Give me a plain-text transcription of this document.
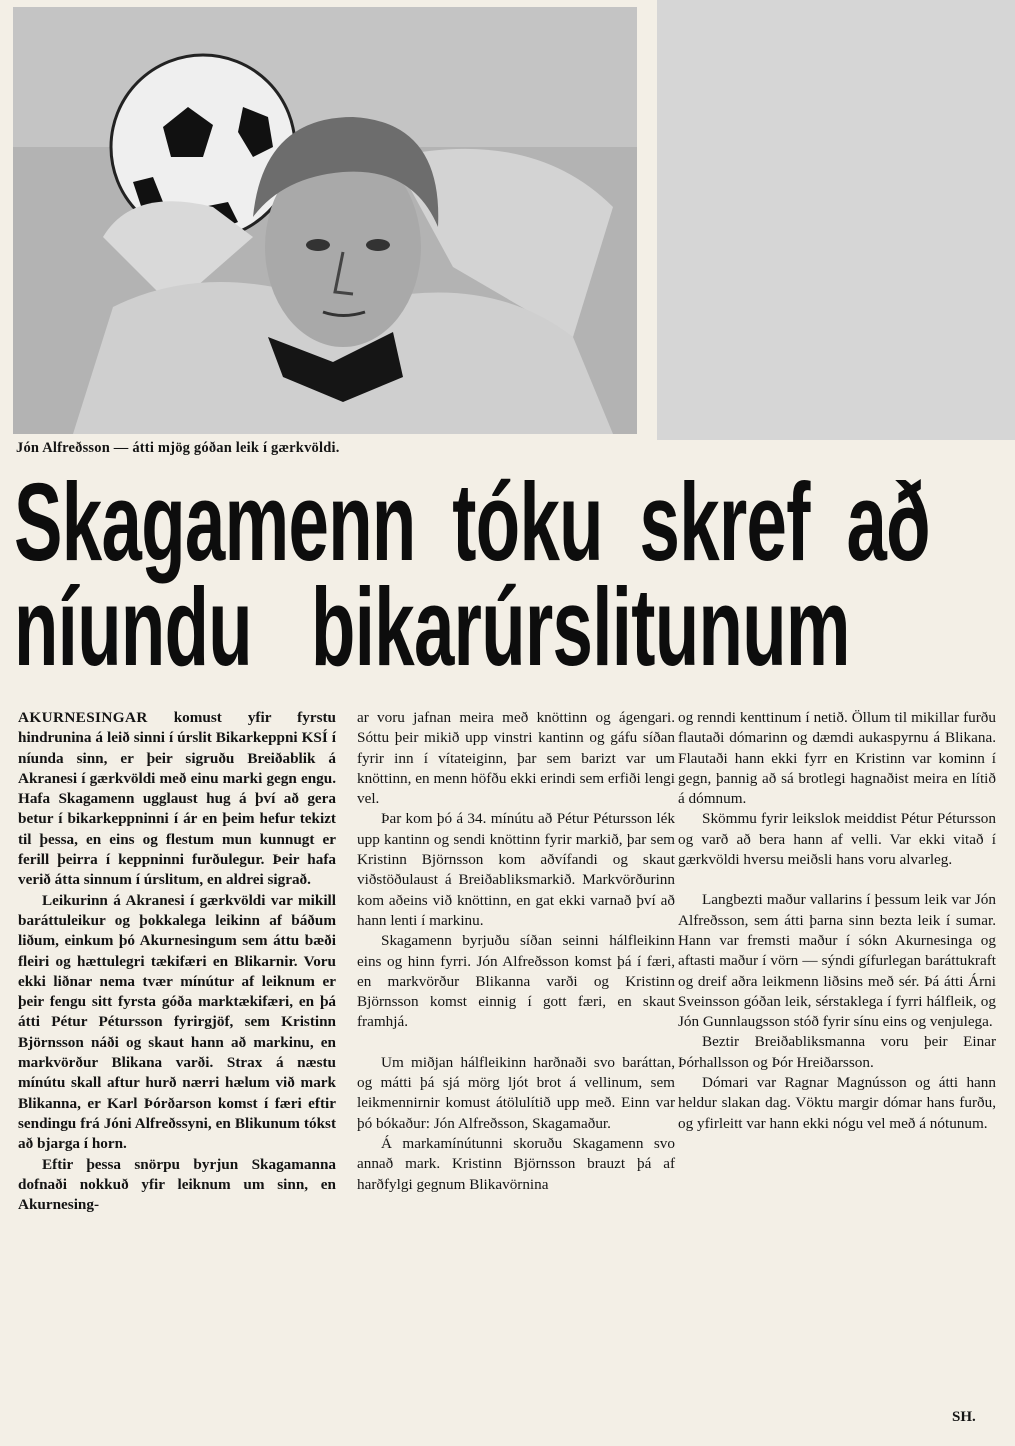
Jón Alfreðsson — átti mjög góðan leik í gærkvöldi.
Skagamenn tóku skref að
níundu bikarúrslitunum

AKURNESINGAR komust yfir fyrstu hindrunina á leið sinni í úrslit Bikarkeppni KSÍ í níunda sinn, er þeir sigruðu Breiðablik á Akranesi í gærkvöldi með einu marki gegn engu. Hafa Skagamenn ugglaust hug á því að gera betur í bikarkeppninni í ár en þeim hefur tekizt til þessa, en eins og flestum mun kunnugt er ferill þeirra í keppninni furðulegur. Þeir hafa verið átta sinnum í úrslitum, en aldrei sigrað.

Leikurinn á Akranesi í gærkvöldi var mikill baráttuleikur og þokkalega leikinn af báðum liðum, einkum þó Akurnesingum sem áttu bæði fleiri og hættulegri tækifæri en Blikarnir. Voru ekki liðnar nema tvær mínútur af leiknum er þeir fengu sitt fyrsta góða marktækifæri, en þá átti Pétur Pétursson fyrirgjöf, sem Kristinn Björnsson náði og skaut hann að markinu, en markvörður Blikana varði. Strax á næstu mínútu skall aftur hurð nærri hælum við mark Blikanna, er Karl Þórðarson komst í færi eftir sendingu frá Jóni Alfreðssyni, en Blikunum tókst að bjarga í horn.

Eftir þessa snörpu byrjun Skagamanna dofnaði nokkuð yfir leiknum um sinn, en Akurnesing-

ar voru jafnan meira með knöttinn og ágengari. Sóttu þeir mikið upp vinstri kantinn og gáfu síðan fyrir inn í vítateiginn, þar sem barizt var um knöttinn, en menn höfðu ekki erindi sem erfiði lengi vel.

Þar kom þó á 34. mínútu að Pétur Pétursson lék upp kantinn og sendi knöttinn fyrir markið, þar sem Kristinn Björnsson kom aðvífandi og skaut viðstöðulaust á Breiðabliksmarkið. Markvörðurinn kom aðeins við knöttinn, en gat ekki varnað því að hann lenti í markinu.

Skagamenn byrjuðu síðan seinni hálfleikinn eins og hinn fyrri. Jón Alfreðsson komst þá í færi, en markvörður Blikanna varði og Kristinn Björnsson komst einnig í gott færi, en skaut framhjá.

Um miðjan hálfleikinn harðnaði svo baráttan, og mátti þá sjá mörg ljót brot á vellinum, sem leikmennirnir komust átölulítið upp með. Einn var þó bókaður: Jón Alfreðsson, Skagamaður.

Á markamínútunni skoruðu Skagamenn svo annað mark. Kristinn Björnsson brauzt þá af harðfylgi gegnum Blikavörnina

og renndi kenttinum í netið. Öllum til mikillar furðu flautaði dómarinn og dæmdi aukaspyrnu á Blikana. Flautaði hann ekki fyrr en Kristinn var kominn í gegn, þannig að sá brotlegi hagnaðist meira en lítið á dómnum.

Skömmu fyrir leikslok meiddist Pétur Pétursson og varð að bera hann af velli. Var ekki vitað í gærkvöldi hversu meiðsli hans voru alvarleg.

Langbezti maður vallarins í þessum leik var Jón Alfreðsson, sem átti þarna sinn bezta leik í sumar. Hann var fremsti maður í sókn Akurnesinga og aftasti maður í vörn — sýndi gífurlegan baráttukraft og dreif aðra leikmenn liðsins með sér. Þá átti Árni Sveinsson góðan leik, sérstaklega í fyrri hálfleik, og Jón Gunnlaugsson stóð fyrir sínu eins og venjulega.

Beztir Breiðabliksmanna voru þeir Einar Þórhallsson og Þór Hreiðarsson.

Dómari var Ragnar Magnússon og átti hann heldur slakan dag. Vöktu margir dómar hans furðu, og yfirleitt var hann ekki nógu vel með á nótunum.

SH.
